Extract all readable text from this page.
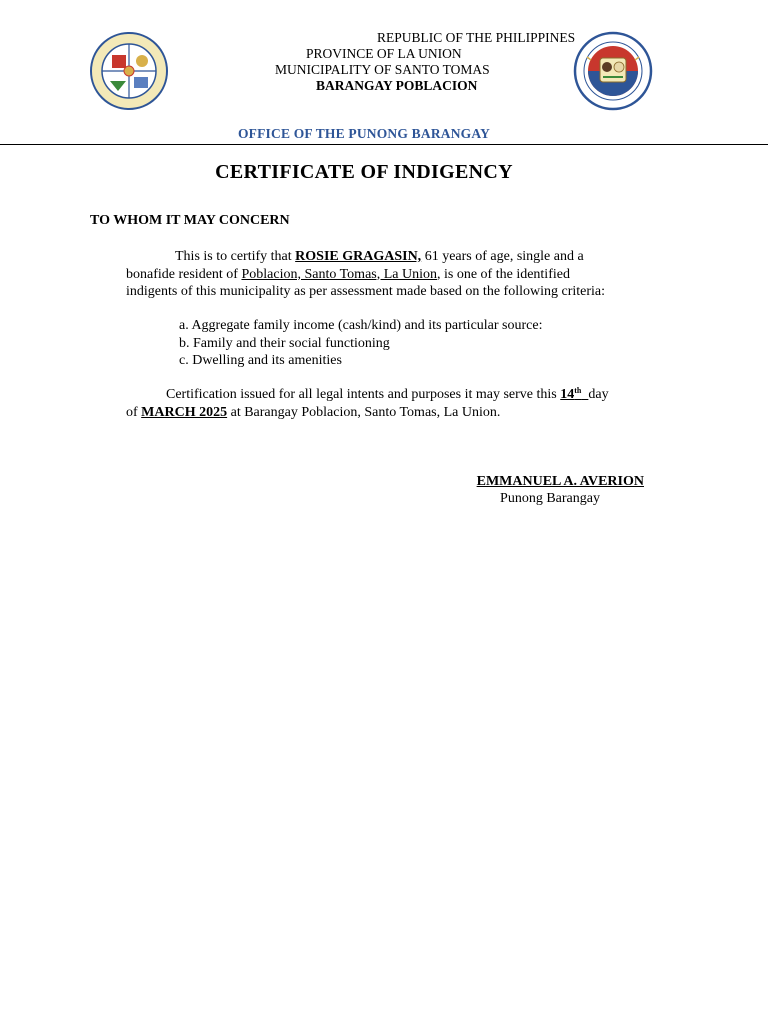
REPUBLIC OF THE PHILIPPINES
PROVINCE OF LA UNION
MUNICIPALITY OF SANTO TOMAS
BARANGAY POBLACION
OFFICE OF THE PUNONG BARANGAY
CERTIFICATE OF INDIGENCY
TO WHOM IT MAY CONCERN
This is to certify that ROSIE GRAGASIN, 61 years of age, single and a
bonafide resident of Poblacion, Santo Tomas, La Union, is one of the identified
indigents of this municipality as per assessment made based on the following criteria:
a. Aggregate family income (cash/kind) and its particular source:
b. Family and their social functioning
c. Dwelling and its amenities
Certification issued for all legal intents and purposes it may serve this 14th day
of MARCH 2025 at Barangay Poblacion, Santo Tomas, La Union.
EMMANUEL A. AVERION
Punong Barangay
